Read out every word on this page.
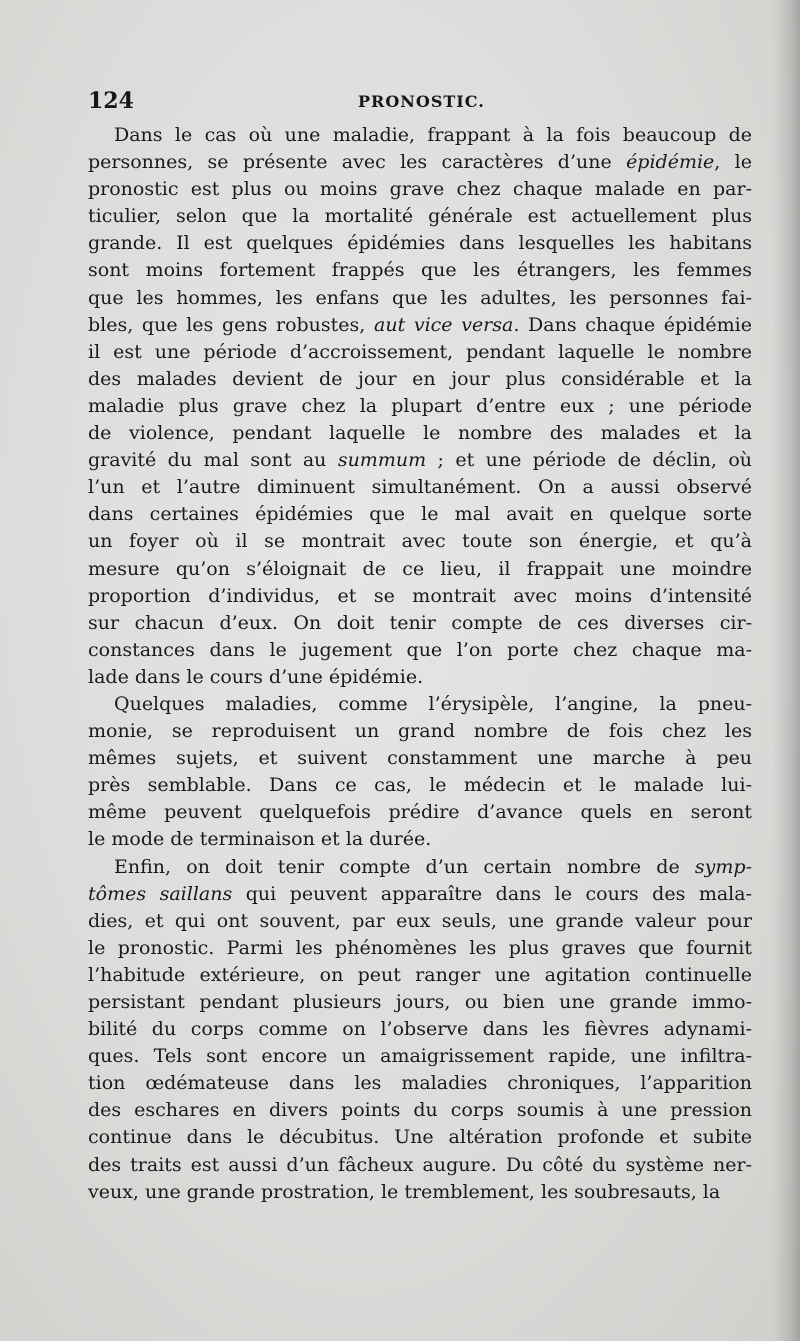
124	PRONOSTIC.

Dans le cas où une maladie, frappant à la fois beaucoup de
personnes, se présente avec les caractères d’une épidémie, le
pronostic est plus ou moins grave chez chaque malade en par-
ticulier, selon que la mortalité générale est actuellement plus
grande. Il est quelques épidémies dans lesquelles les habitans
sont moins fortement frappés que les étrangers, les femmes
que les hommes, les enfans que les adultes, les personnes fai-
bles, que les gens robustes, aut vice versa. Dans chaque épidémie
il est une période d’accroissement, pendant laquelle le nombre
des malades devient de jour en jour plus considérable et la
maladie plus grave chez la plupart d’entre eux ; une période
de violence, pendant laquelle le nombre des malades et la
gravité du mal sont au summum ; et une période de déclin, où
l’un et l’autre diminuent simultanément. On a aussi observé
dans certaines épidémies que le mal avait en quelque sorte
un foyer où il se montrait avec toute son énergie, et qu’à
mesure qu’on s’éloignait de ce lieu, il frappait une moindre
proportion d’individus, et se montrait avec moins d’intensité
sur chacun d’eux. On doit tenir compte de ces diverses cir-
constances dans le jugement que l’on porte chez chaque ma-
lade dans le cours d’une épidémie.

Quelques maladies, comme l’érysipèle, l’angine, la pneu-
monie, se reproduisent un grand nombre de fois chez les
mêmes sujets, et suivent constamment une marche à peu
près semblable. Dans ce cas, le médecin et le malade lui-
même peuvent quelquefois prédire d’avance quels en seront
le mode de terminaison et la durée.

Enfin, on doit tenir compte d’un certain nombre de symp-
tômes saillans qui peuvent apparaître dans le cours des mala-
dies, et qui ont souvent, par eux seuls, une grande valeur pour
le pronostic. Parmi les phénomènes les plus graves que fournit
l’habitude extérieure, on peut ranger une agitation continuelle
persistant pendant plusieurs jours, ou bien une grande immo-
bilité du corps comme on l’observe dans les fièvres adynami-
ques. Tels sont encore un amaigrissement rapide, une infiltra-
tion œdémateuse dans les maladies chroniques, l’apparition
des eschares en divers points du corps soumis à une pression
continue dans le décubitus. Une altération profonde et subite
des traits est aussi d’un fâcheux augure. Du côté du système ner-
veux, une grande prostration, le tremblement, les soubresauts, la
